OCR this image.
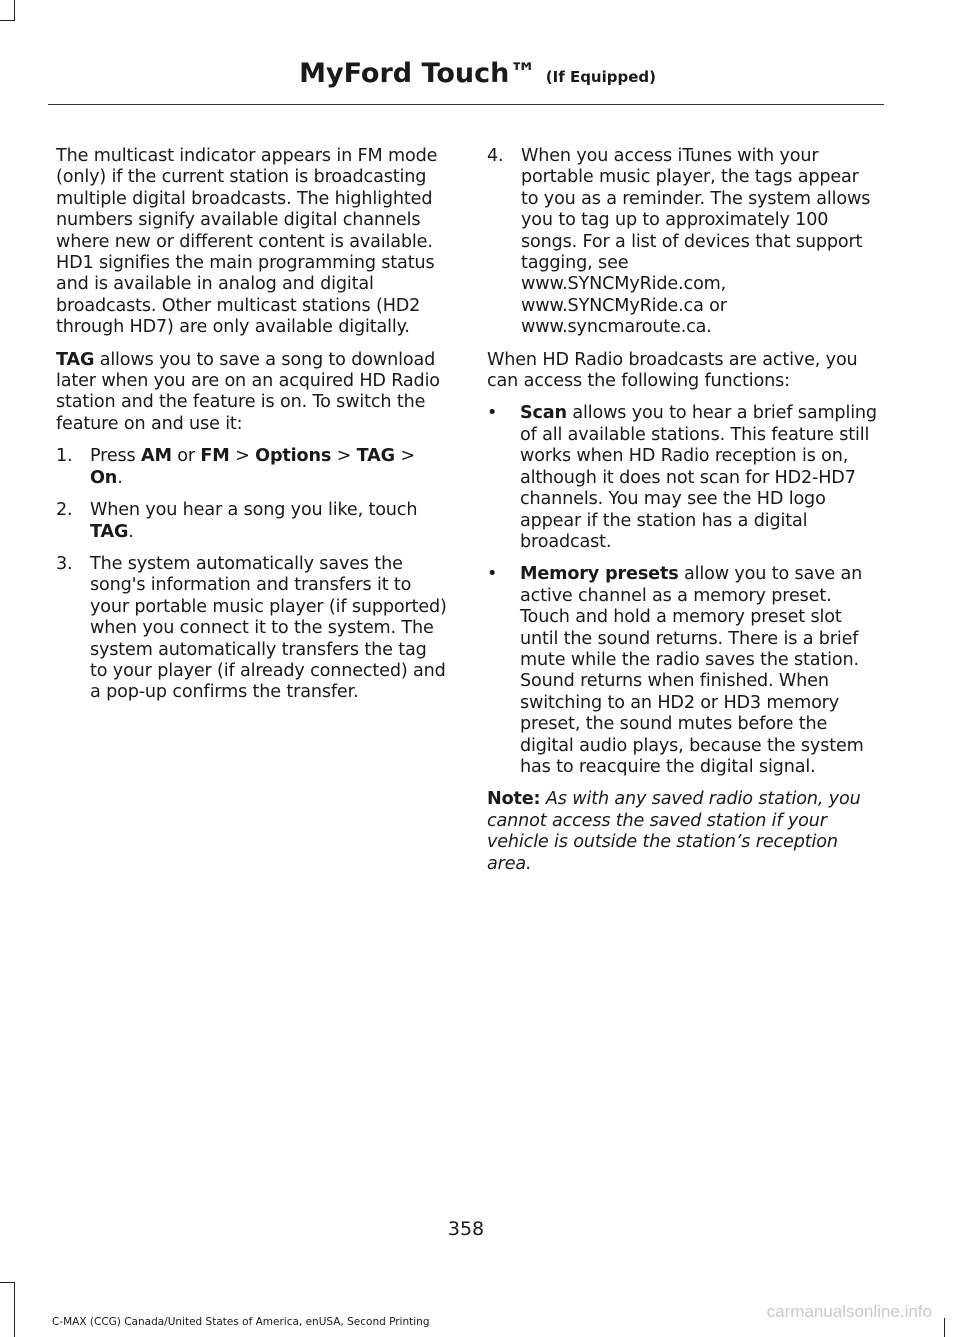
MyFord Touch™ (If Equipped)

The multicast indicator appears in FM mode (only) if the current station is broadcasting multiple digital broadcasts. The highlighted numbers signify available digital channels where new or different content is available. HD1 signifies the main programming status and is available in analog and digital broadcasts. Other multicast stations (HD2 through HD7) are only available digitally.

TAG allows you to save a song to download later when you are on an acquired HD Radio station and the feature is on. To switch the feature on and use it:

1. Press AM or FM > Options > TAG > On.
2. When you hear a song you like, touch TAG.
3. The system automatically saves the song's information and transfers it to your portable music player (if supported) when you connect it to the system. The system automatically transfers the tag to your player (if already connected) and a pop-up confirms the transfer.
4. When you access iTunes with your portable music player, the tags appear to you as a reminder. The system allows you to tag up to approximately 100 songs. For a list of devices that support tagging, see
www.SYNCMyRide.com,
www.SYNCMyRide.ca or
www.syncmaroute.ca.

When HD Radio broadcasts are active, you can access the following functions:

• Scan allows you to hear a brief sampling of all available stations. This feature still works when HD Radio reception is on, although it does not scan for HD2-HD7 channels. You may see the HD logo appear if the station has a digital broadcast.
• Memory presets allow you to save an active channel as a memory preset. Touch and hold a memory preset slot until the sound returns. There is a brief mute while the radio saves the station. Sound returns when finished. When switching to an HD2 or HD3 memory preset, the sound mutes before the digital audio plays, because the system has to reacquire the digital signal.

Note: As with any saved radio station, you cannot access the saved station if your vehicle is outside the station’s reception area.

358
C-MAX (CCG) Canada/United States of America, enUSA, Second Printing
carmanualsonline.info
